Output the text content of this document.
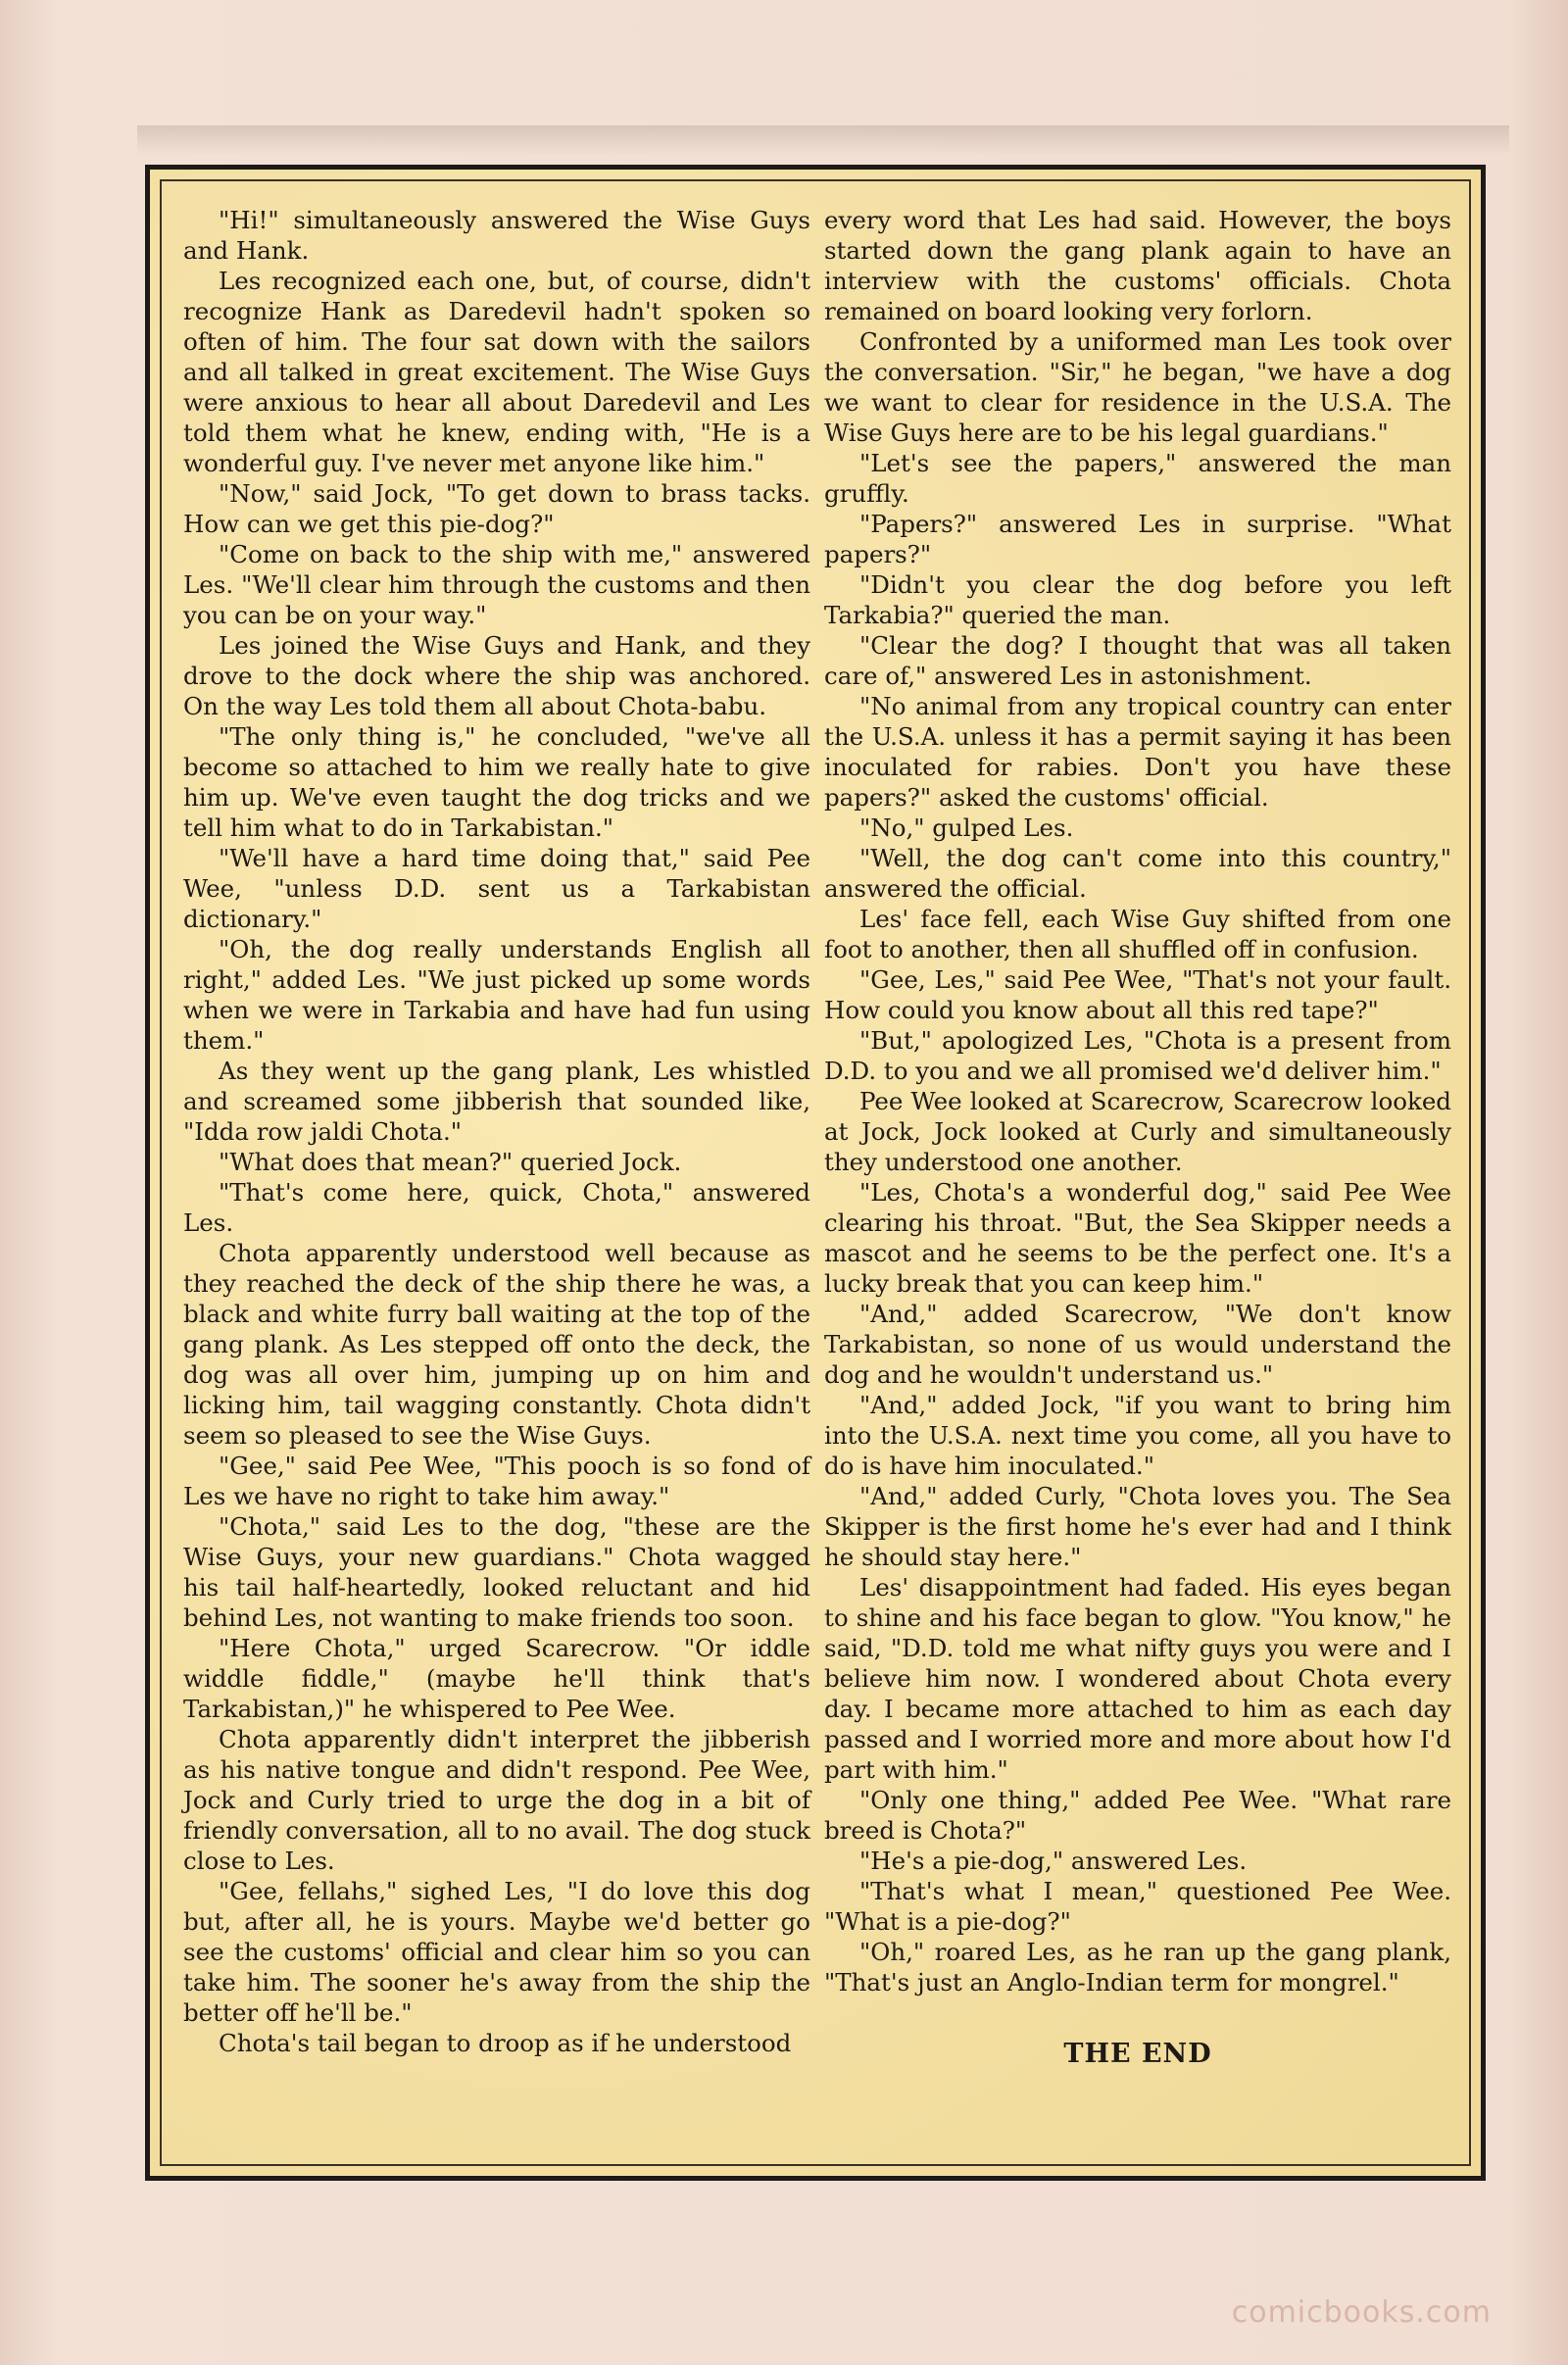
"Hi!" simultaneously answered the Wise Guys and Hank.

Les recognized each one, but, of course, didn't recognize Hank as Daredevil hadn't spoken so often of him. The four sat down with the sailors and all talked in great excitement. The Wise Guys were anxious to hear all about Daredevil and Les told them what he knew, ending with, "He is a wonderful guy. I've never met anyone like him."

"Now," said Jock, "To get down to brass tacks. How can we get this pie-dog?"

"Come on back to the ship with me," answered Les. "We'll clear him through the customs and then you can be on your way."

Les joined the Wise Guys and Hank, and they drove to the dock where the ship was anchored. On the way Les told them all about Chota-babu.

"The only thing is," he concluded, "we've all become so attached to him we really hate to give him up. We've even taught the dog tricks and we tell him what to do in Tarkabistan."

"We'll have a hard time doing that," said Pee Wee, "unless D.D. sent us a Tarkabistan dictionary."

"Oh, the dog really understands English all right," added Les. "We just picked up some words when we were in Tarkabia and have had fun using them."

As they went up the gang plank, Les whistled and screamed some jibberish that sounded like, "Idda row jaldi Chota."

"What does that mean?" queried Jock.

"That's come here, quick, Chota," answered Les.

Chota apparently understood well because as they reached the deck of the ship there he was, a black and white furry ball waiting at the top of the gang plank. As Les stepped off onto the deck, the dog was all over him, jumping up on him and licking him, tail wagging constantly. Chota didn't seem so pleased to see the Wise Guys.

"Gee," said Pee Wee, "This pooch is so fond of Les we have no right to take him away."

"Chota," said Les to the dog, "these are the Wise Guys, your new guardians." Chota wagged his tail half-heartedly, looked reluctant and hid behind Les, not wanting to make friends too soon.

"Here Chota," urged Scarecrow. "Or iddle widdle fiddle," (maybe he'll think that's Tarkabistan,)" he whispered to Pee Wee.

Chota apparently didn't interpret the jibberish as his native tongue and didn't respond. Pee Wee, Jock and Curly tried to urge the dog in a bit of friendly conversation, all to no avail. The dog stuck close to Les.

"Gee, fellahs," sighed Les, "I do love this dog but, after all, he is yours. Maybe we'd better go see the customs' official and clear him so you can take him. The sooner he's away from the ship the better off he'll be."

Chota's tail began to droop as if he understood

every word that Les had said. However, the boys started down the gang plank again to have an interview with the customs' officials. Chota remained on board looking very forlorn.

Confronted by a uniformed man Les took over the conversation. "Sir," he began, "we have a dog we want to clear for residence in the U.S.A. The Wise Guys here are to be his legal guardians."

"Let's see the papers," answered the man gruffly.

"Papers?" answered Les in surprise. "What papers?"

"Didn't you clear the dog before you left Tarkabia?" queried the man.

"Clear the dog? I thought that was all taken care of," answered Les in astonishment.

"No animal from any tropical country can enter the U.S.A. unless it has a permit saying it has been inoculated for rabies. Don't you have these papers?" asked the customs' official.

"No," gulped Les.

"Well, the dog can't come into this country," answered the official.

Les' face fell, each Wise Guy shifted from one foot to another, then all shuffled off in confusion.

"Gee, Les," said Pee Wee, "That's not your fault. How could you know about all this red tape?"

"But," apologized Les, "Chota is a present from D.D. to you and we all promised we'd deliver him."

Pee Wee looked at Scarecrow, Scarecrow looked at Jock, Jock looked at Curly and simultaneously they understood one another.

"Les, Chota's a wonderful dog," said Pee Wee clearing his throat. "But, the Sea Skipper needs a mascot and he seems to be the perfect one. It's a lucky break that you can keep him."

"And," added Scarecrow, "We don't know Tarkabistan, so none of us would understand the dog and he wouldn't understand us."

"And," added Jock, "if you want to bring him into the U.S.A. next time you come, all you have to do is have him inoculated."

"And," added Curly, "Chota loves you. The Sea Skipper is the first home he's ever had and I think he should stay here."

Les' disappointment had faded. His eyes began to shine and his face began to glow. "You know," he said, "D.D. told me what nifty guys you were and I believe him now. I wondered about Chota every day. I became more attached to him as each day passed and I worried more and more about how I'd part with him."

"Only one thing," added Pee Wee. "What rare breed is Chota?"

"He's a pie-dog," answered Les.

"That's what I mean," questioned Pee Wee. "What is a pie-dog?"

"Oh," roared Les, as he ran up the gang plank, "That's just an Anglo-Indian term for mongrel."

THE END

comicbooks.com
